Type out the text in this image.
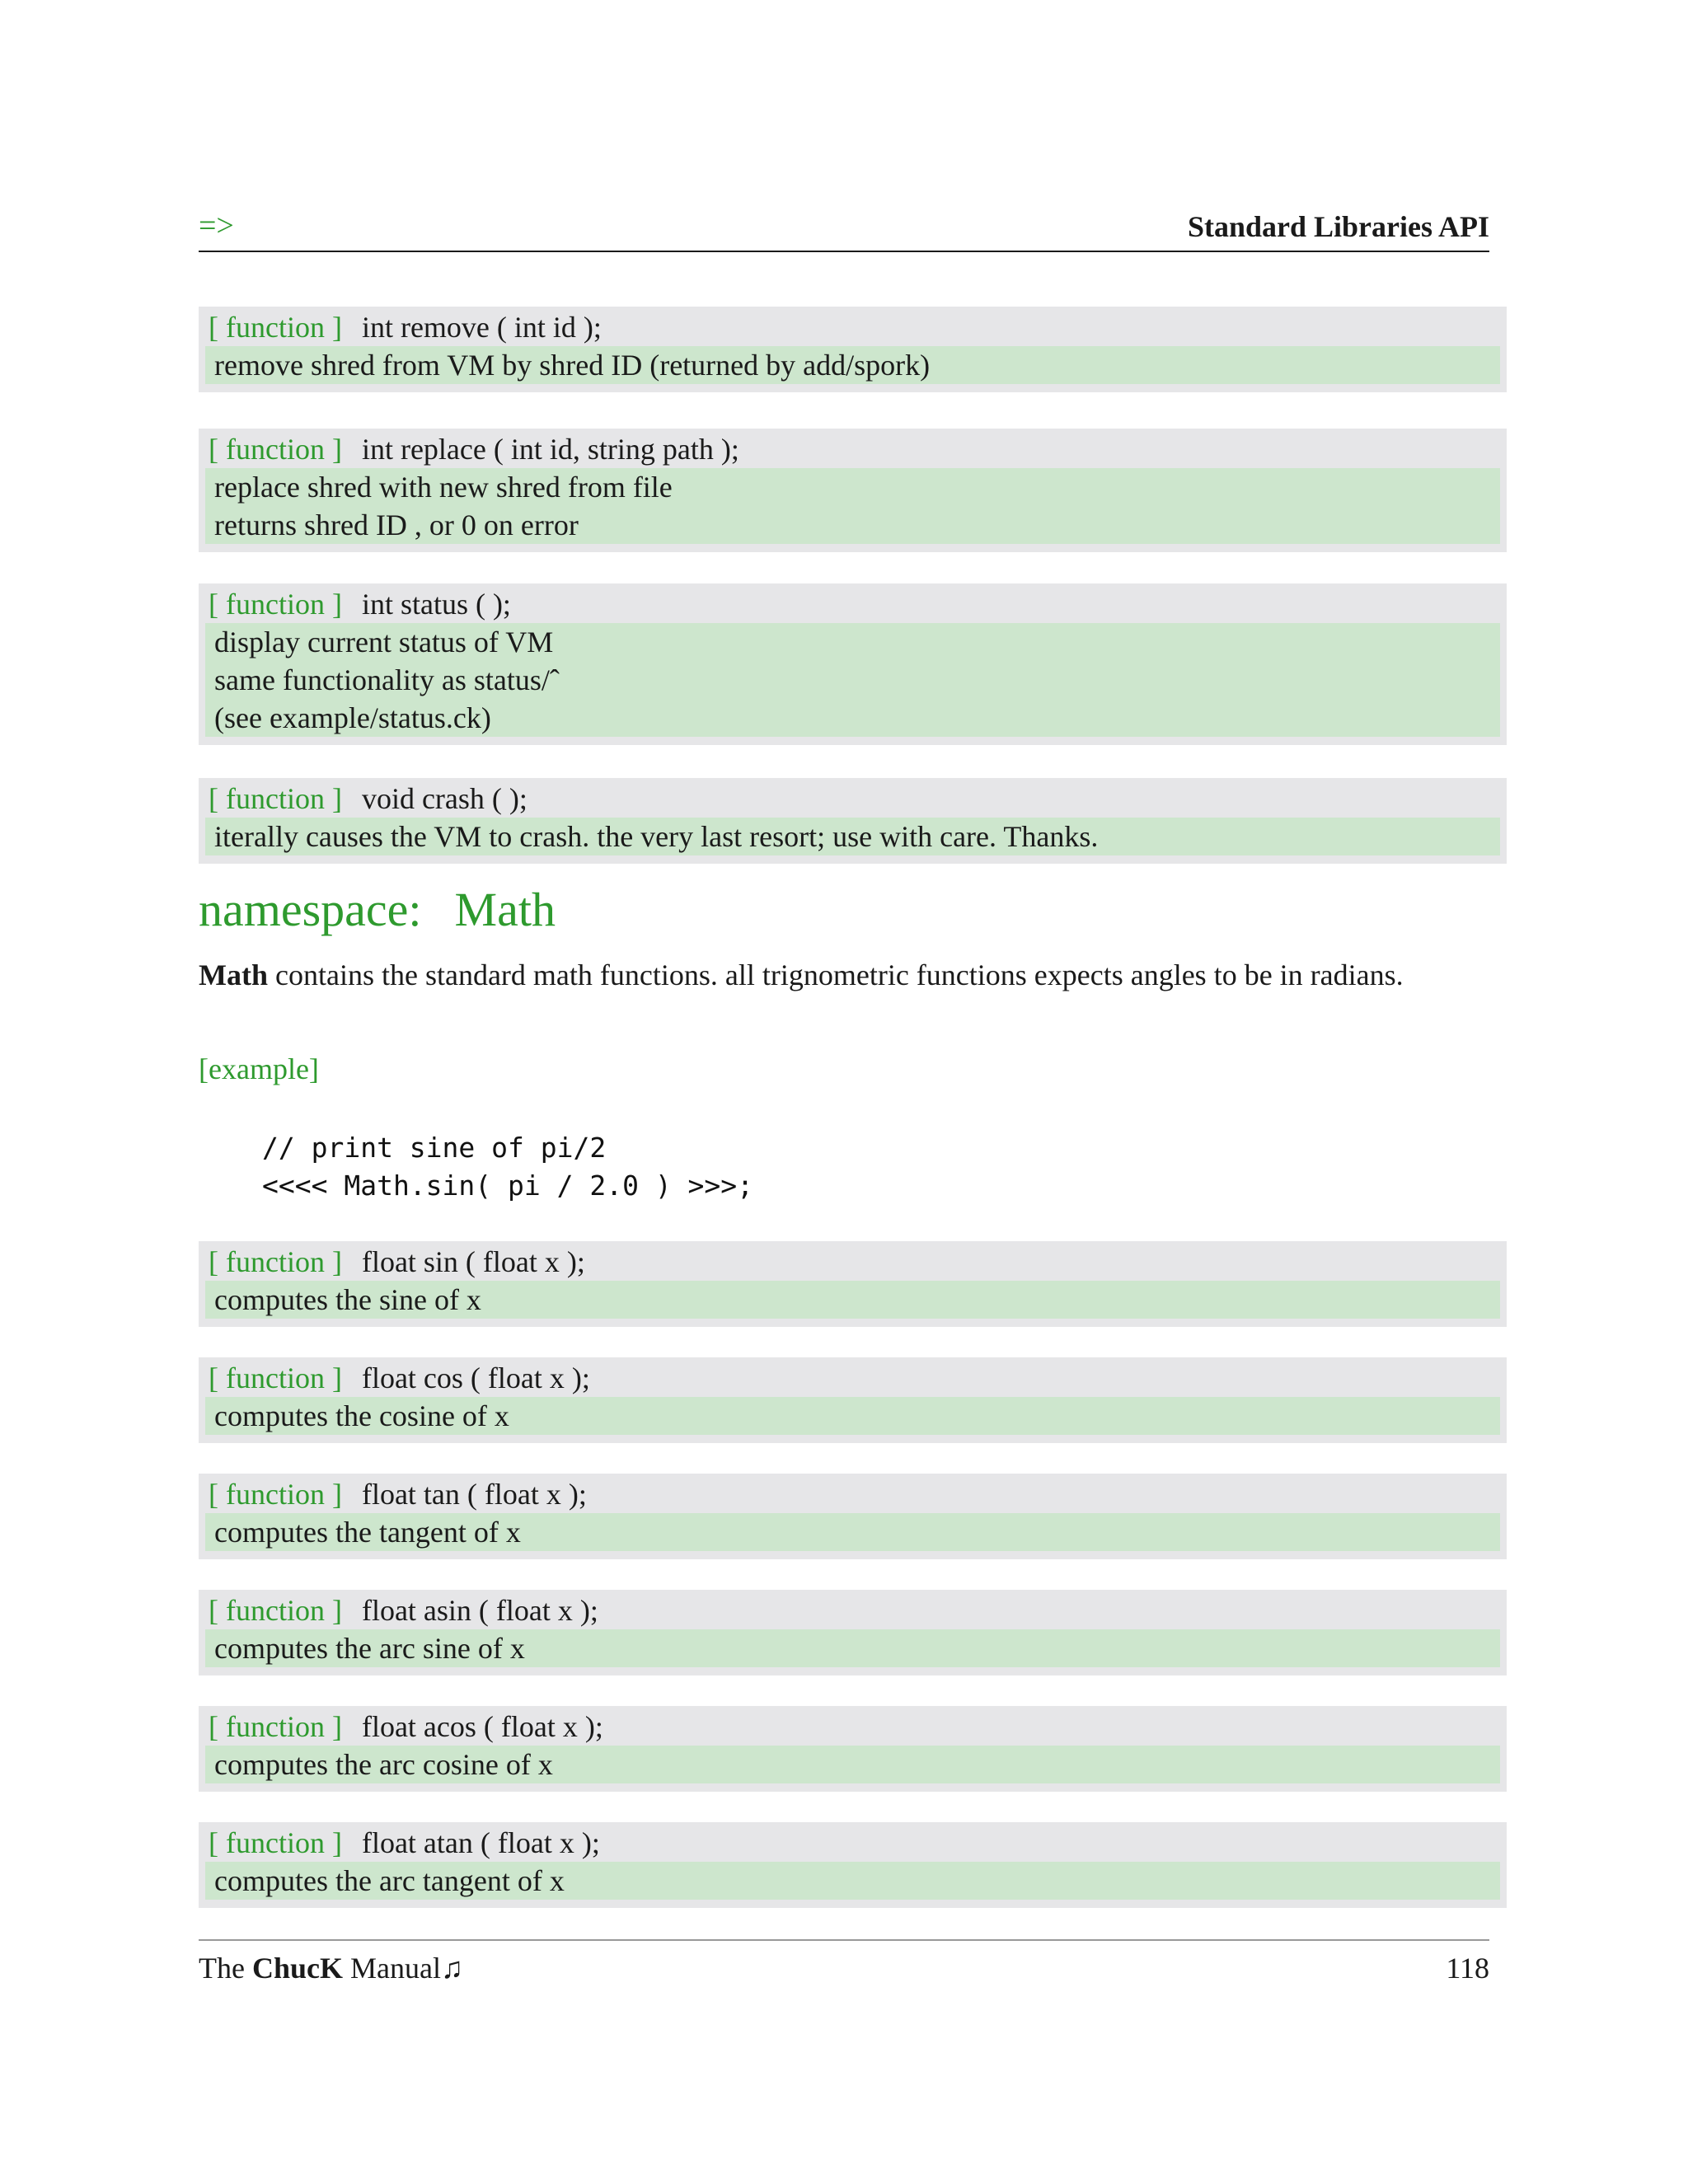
=>	Standard Libraries API
[ function ] int remove ( int id );
remove shred from VM by shred ID (returned by add/spork)
[ function ] int replace ( int id, string path );
replace shred with new shred from file
returns shred ID , or 0 on error
[ function ] int status ( );
display current status of VM
same functionality as status/ˆ
(see example/status.ck)
[ function ] void crash ( );
iterally causes the VM to crash. the very last resort; use with care. Thanks.
namespace: Math
Math contains the standard math functions. all trignometric functions expects angles to be in radians.
[example]
// print sine of pi/2
<<<< Math.sin( pi / 2.0 ) >>>;
[ function ] float sin ( float x );
computes the sine of x
[ function ] float cos ( float x );
computes the cosine of x
[ function ] float tan ( float x );
computes the tangent of x
[ function ] float asin ( float x );
computes the arc sine of x
[ function ] float acos ( float x );
computes the arc cosine of x
[ function ] float atan ( float x );
computes the arc tangent of x
The ChucK Manual♫	118
